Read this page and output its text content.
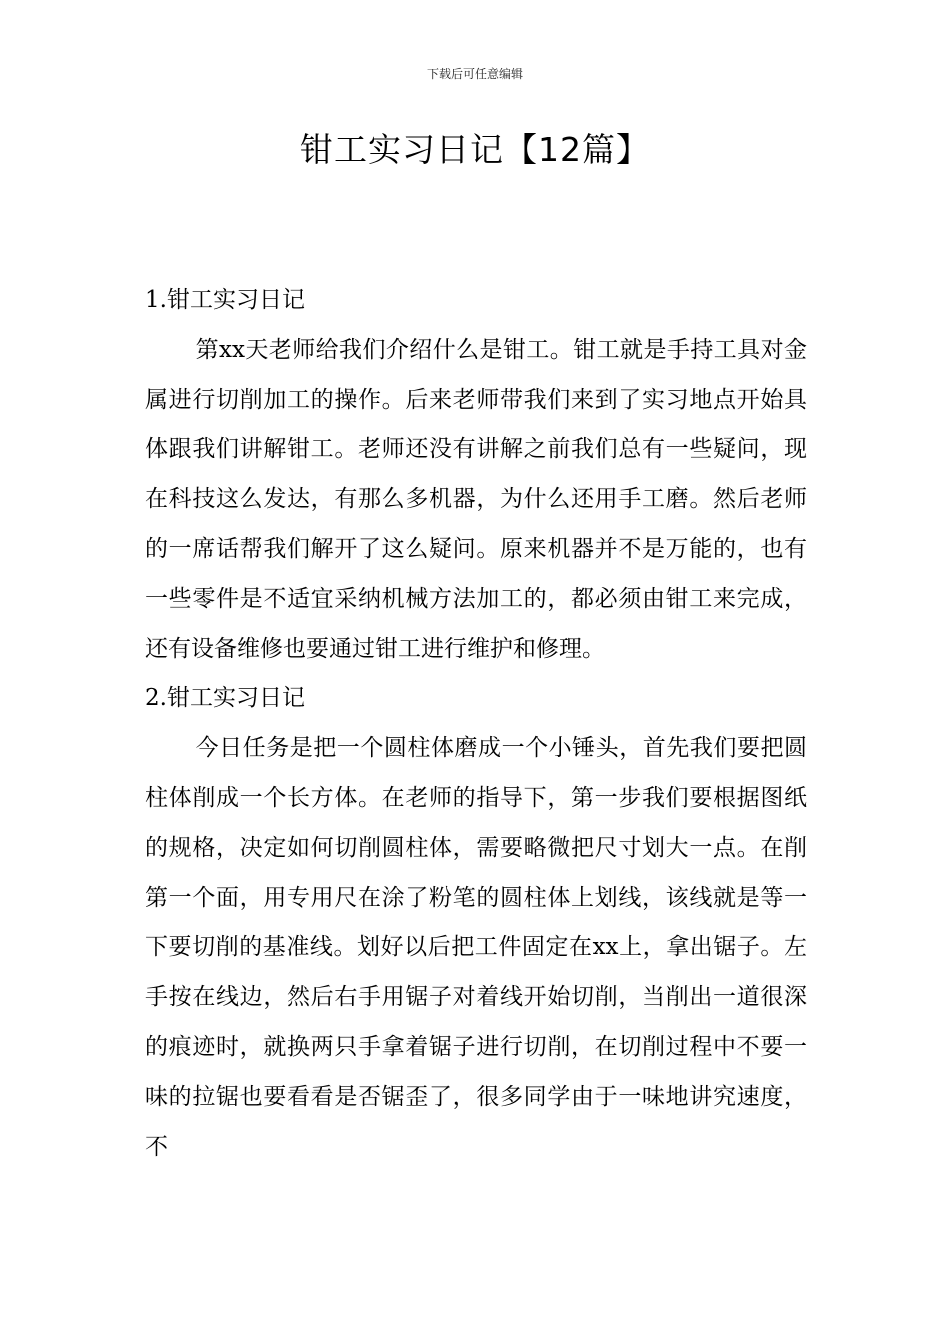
下载后可任意编辑
钳工实习日记【12篇】
1.钳工实习日记

第xx天老师给我们介绍什么是钳工。钳工就是手持工具对金属进行切削加工的操作。后来老师带我们来到了实习地点开始具体跟我们讲解钳工。老师还没有讲解之前我们总有一些疑问，现在科技这么发达，有那么多机器，为什么还用手工磨。然后老师的一席话帮我们解开了这么疑问。原来机器并不是万能的，也有一些零件是不适宜采纳机械方法加工的，都必须由钳工来完成，还有设备维修也要通过钳工进行维护和修理。

2.钳工实习日记

今日任务是把一个圆柱体磨成一个小锤头，首先我们要把圆柱体削成一个长方体。在老师的指导下，第一步我们要根据图纸的规格，决定如何切削圆柱体，需要略微把尺寸划大一点。在削第一个面，用专用尺在涂了粉笔的圆柱体上划线，该线就是等一下要切削的基准线。划好以后把工件固定在xx上，拿出锯子。左手按在线边，然后右手用锯子对着线开始切削，当削出一道很深的痕迹时，就换两只手拿着锯子进行切削，在切削过程中不要一味的拉锯也要看看是否锯歪了，很多同学由于一味地讲究速度，不
